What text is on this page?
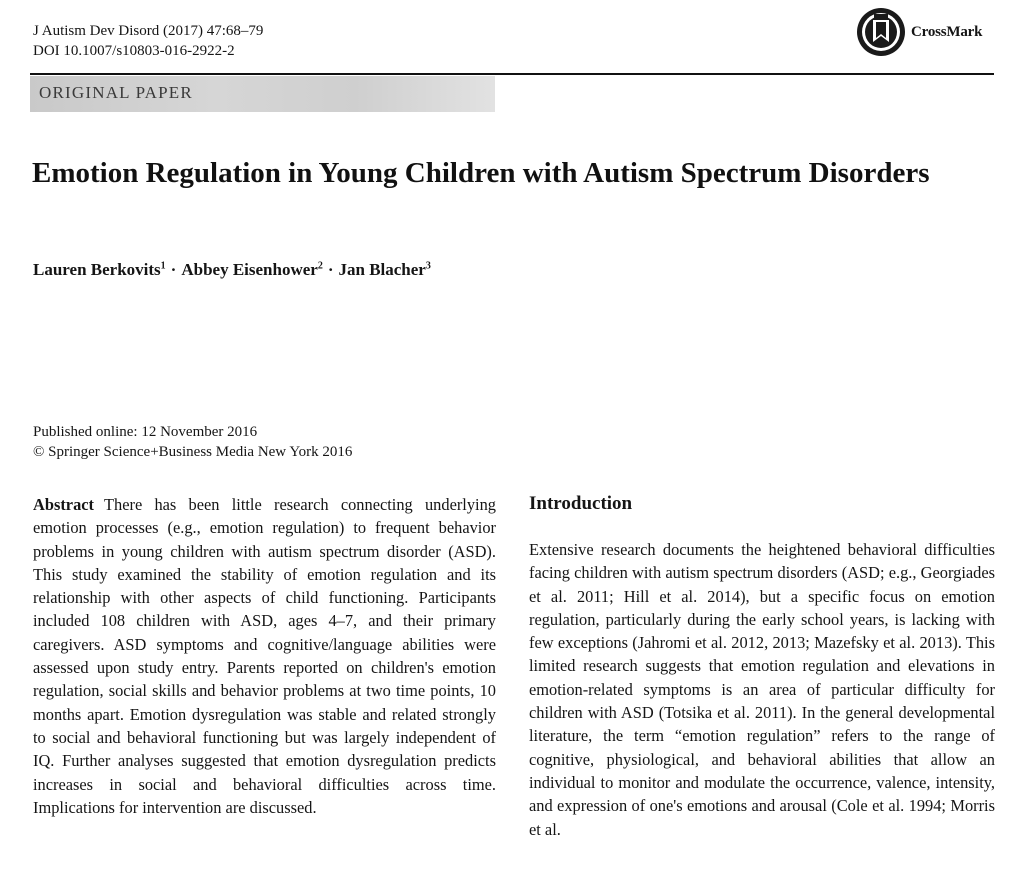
J Autism Dev Disord (2017) 47:68–79
DOI 10.1007/s10803-016-2922-2
CrossMark
ORIGINAL PAPER
Emotion Regulation in Young Children with Autism Spectrum Disorders
Lauren Berkovits$^1$ · Abbey Eisenhower$^2$ · Jan Blacher$^3$
Published online: 12 November 2016
© Springer Science+Business Media New York 2016
Abstract There has been little research connecting underlying emotion processes (e.g., emotion regulation) to frequent behavior problems in young children with autism spectrum disorder (ASD). This study examined the stability of emotion regulation and its relationship with other aspects of child functioning. Participants included 108 children with ASD, ages 4–7, and their primary caregivers. ASD symptoms and cognitive/language abilities were assessed upon study entry. Parents reported on children's emotion regulation, social skills and behavior problems at two time points, 10 months apart. Emotion dysregulation was stable and related strongly to social and behavioral functioning but was largely independent of IQ. Further analyses suggested that emotion dysregulation predicts increases in social and behavioral difficulties across time. Implications for intervention are discussed.
Introduction
Extensive research documents the heightened behavioral difficulties facing children with autism spectrum disorders (ASD; e.g., Georgiades et al. 2011; Hill et al. 2014), but a specific focus on emotion regulation, particularly during the early school years, is lacking with few exceptions (Jahromi et al. 2012, 2013; Mazefsky et al. 2013). This limited research suggests that emotion regulation and elevations in emotion-related symptoms is an area of particular difficulty for children with ASD (Totsika et al. 2011). In the general developmental literature, the term “emotion regulation” refers to the range of cognitive, physiological, and behavioral abilities that allow an individual to monitor and modulate the occurrence, valence, intensity, and expression of one's emotions and arousal (Cole et al. 1994; Morris et al.
